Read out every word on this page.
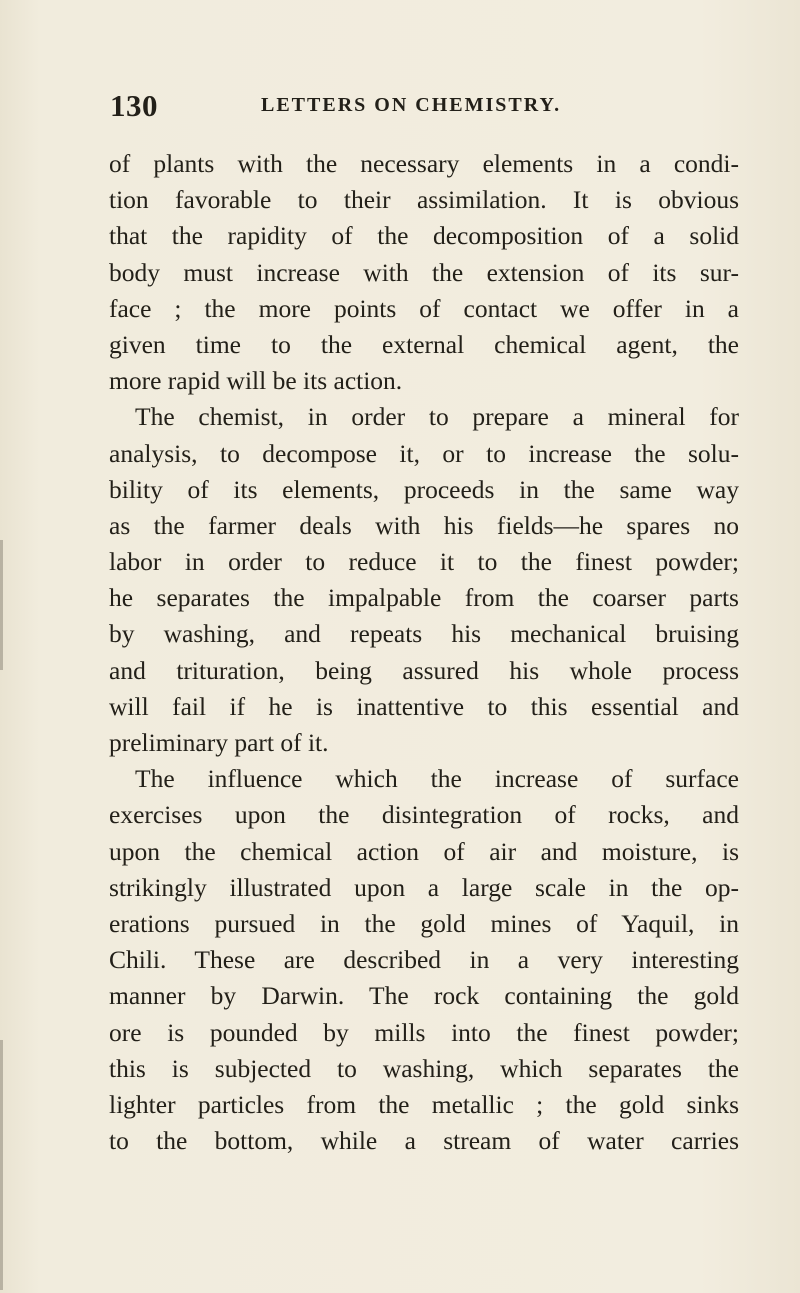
130	LETTERS ON CHEMISTRY.
of plants with the necessary elements in a condi-
tion favorable to their assimilation. It is obvious
that the rapidity of the decomposition of a solid
body must increase with the extension of its sur-
face ; the more points of contact we offer in a
given time to the external chemical agent, the
more rapid will be its action.
The chemist, in order to prepare a mineral for
analysis, to decompose it, or to increase the solu-
bility of its elements, proceeds in the same way
as the farmer deals with his fields—he spares no
labor in order to reduce it to the finest powder;
he separates the impalpable from the coarser parts
by washing, and repeats his mechanical bruising
and trituration, being assured his whole process
will fail if he is inattentive to this essential and
preliminary part of it.
The influence which the increase of surface
exercises upon the disintegration of rocks, and
upon the chemical action of air and moisture, is
strikingly illustrated upon a large scale in the op-
erations pursued in the gold mines of Yaquil, in
Chili. These are described in a very interesting
manner by Darwin. The rock containing the gold
ore is pounded by mills into the finest powder;
this is subjected to washing, which separates the
lighter particles from the metallic ; the gold sinks
to the bottom, while a stream of water carries
